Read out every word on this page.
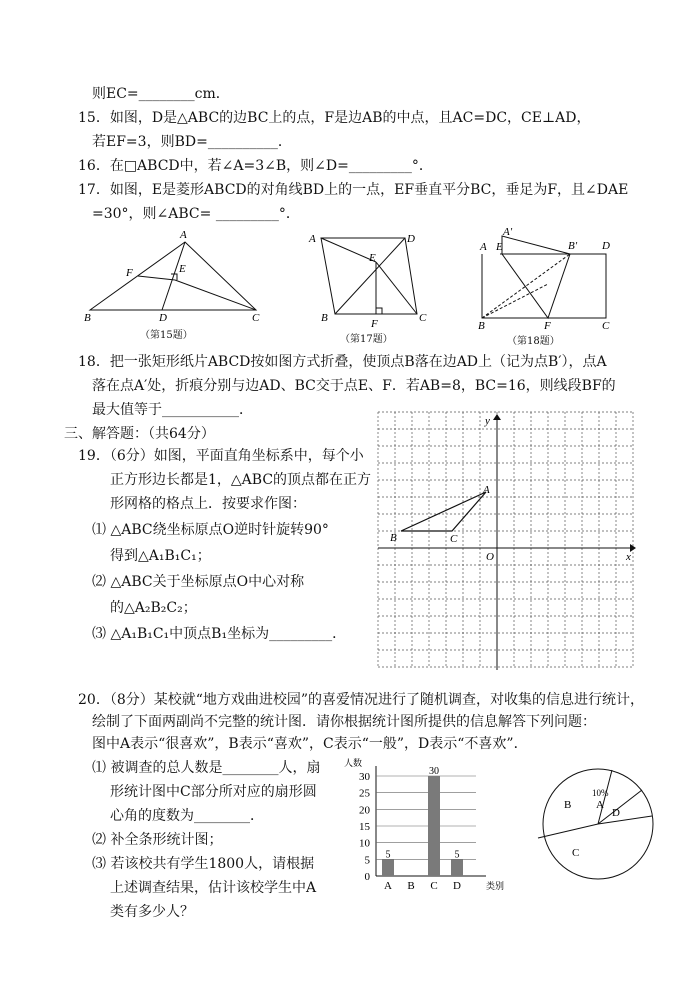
则EC=________cm．
15．如图，D是△ABC的边BC上的点，F是边AB的中点，且AC=DC，CE⊥AD，
若EF=3，则BD=__________．
16．在□ABCD中，若∠A=3∠B，则∠D=_________°．
17．如图，E是菱形ABCD的对角线BD上的一点，EF垂直平分BC，垂足为F，且∠DAE
=30°，则∠ABC= _________°．
A
F	E
B	D	C
（第15题）
A	D
E
B	C
F
（第17题）
A′
A E	B′ D
B	F	C
（第18题）
18．把一张矩形纸片ABCD按如图方式折叠，使顶点B落在边AD上（记为点B′），点A
落在点A′处，折痕分别与边AD、BC交于点E、F．若AB=8，BC=16，则线段BF的
最大值等于___________．
三、解答题：（共64分）
19．（6分）如图，平面直角坐标系中，每个小
正方形边长都是1，△ABC的顶点都在正方
形网格的格点上．按要求作图：
⑴ △ABC绕坐标原点O逆时针旋转90°
得到△A₁B₁C₁；
⑵ △ABC关于坐标原点O中心对称
的△A₂B₂C₂；
⑶ △A₁B₁C₁中顶点B₁坐标为_________．
A
B	C
O	x
y
20．（8分）某校就“地方戏曲进校园”的喜爱情况进行了随机调查，对收集的信息进行统计，
绘制了下面两副尚不完整的统计图．请你根据统计图所提供的信息解答下列问题：
图中A表示“很喜欢”，B表示“喜欢”，C表示“一般”，D表示“不喜欢”．
⑴ 被调查的总人数是________人，扇
形统计图中C部分所对应的扇形圆
心角的度数为________．
⑵ 补全条形统计图；
⑶ 若该校共有学生1800人，请根据
上述调查结果，估计该校学生中A
类有多少人？
人数
类别
0
5
10
15
20
25
30
5
30
5
A B C D
B
10%
A
D
C
